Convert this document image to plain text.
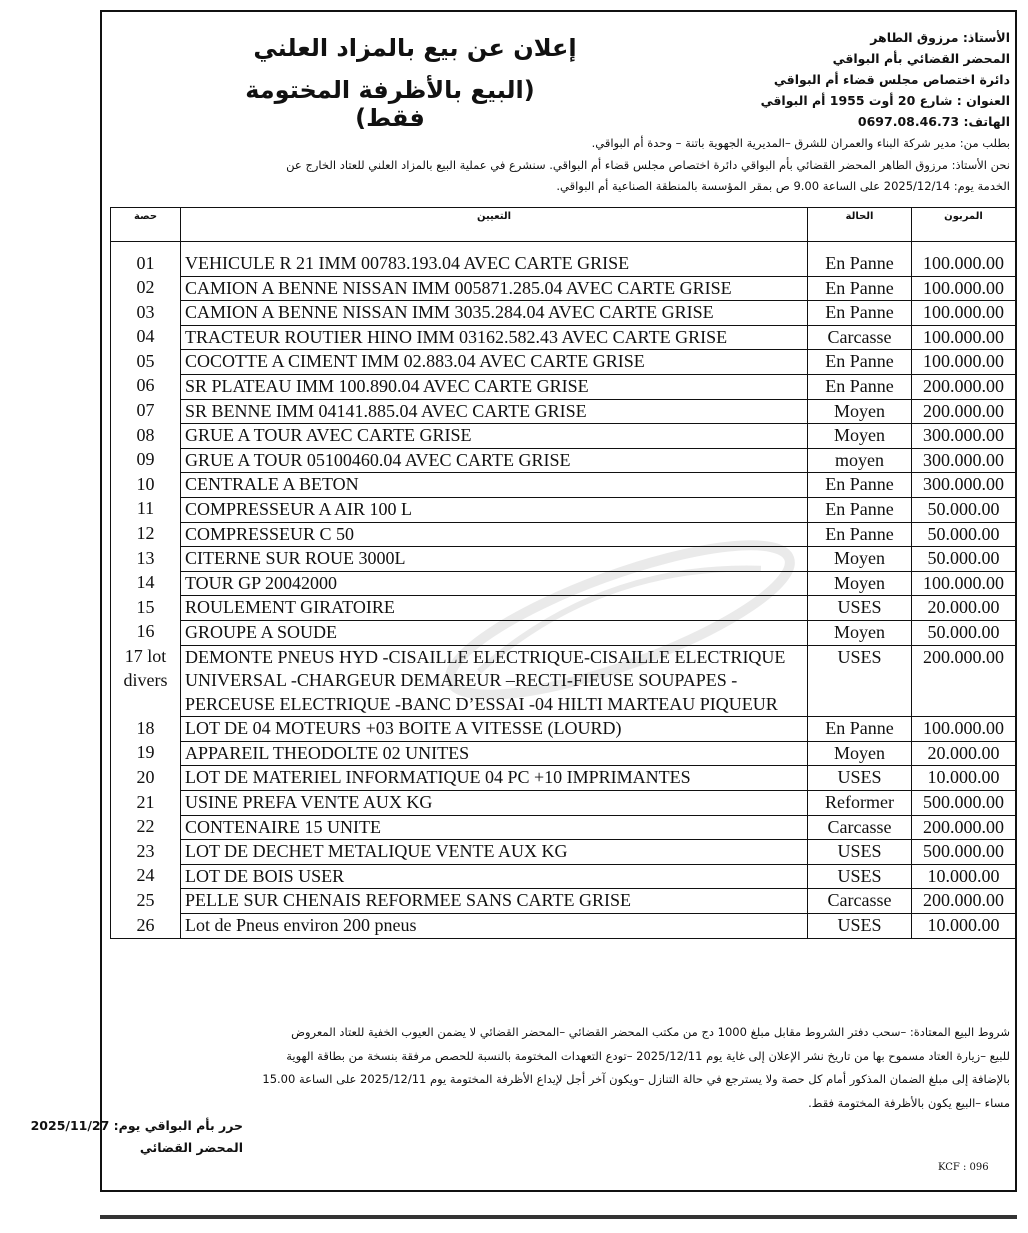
إعلان عن بيع بالمزاد العلني
(البيع بالأظرفة المختومة فقط)
الأستاذ: مرزوق الطاهر
المحضر القضائي بأم البواقي
دائرة اختصاص مجلس قضاء أم البواقي
العنوان : شارع 20 أوت 1955 أم البواقي
الهاتف: 0697.08.46.73
بطلب من: مدير شركة البناء والعمران للشرق –المديرية الجهوية باتنة – وحدة أم البواقي.
نحن الأستاذ: مرزوق الطاهر المحضر القضائي بأم البواقي دائرة اختصاص مجلس قضاء أم البواقي. سنشرع في عملية البيع بالمزاد العلني للعتاد الخارج عن
الخدمة يوم: 2025/12/14 على الساعة 9.00 ص بمقر المؤسسة بالمنطقة الصناعية أم البواقي.
حصة	التعيين	الحالة	المربون

01	VEHICULE R 21 IMM 00783.193.04 AVEC CARTE GRISE	En Panne	100.000.00
02	CAMION A BENNE NISSAN IMM 005871.285.04 AVEC CARTE GRISE	En Panne	100.000.00
03	CAMION A BENNE NISSAN IMM 3035.284.04 AVEC CARTE GRISE	En Panne	100.000.00
04	TRACTEUR ROUTIER HINO IMM 03162.582.43 AVEC CARTE GRISE	Carcasse	100.000.00
05	COCOTTE A CIMENT IMM 02.883.04 AVEC CARTE GRISE	En Panne	100.000.00
06	SR PLATEAU IMM 100.890.04 AVEC CARTE GRISE	En Panne	200.000.00
07	SR BENNE IMM 04141.885.04 AVEC CARTE GRISE	Moyen	200.000.00
08	GRUE A TOUR AVEC CARTE GRISE	Moyen	300.000.00
09	GRUE A TOUR 05100460.04 AVEC CARTE GRISE	moyen	300.000.00
10	CENTRALE A BETON	En Panne	300.000.00
11	COMPRESSEUR A AIR 100 L	En Panne	50.000.00
12	COMPRESSEUR C 50	En Panne	50.000.00
13	CITERNE SUR ROUE 3000L	Moyen	50.000.00
14	TOUR GP 20042000	Moyen	100.000.00
15	ROULEMENT GIRATOIRE	USES	20.000.00
16	GROUPE A SOUDE	Moyen	50.000.00
17 lot divers	DEMONTE PNEUS HYD -CISAILLE ELECTRIQUE-CISAILLE ELECTRIQUE UNIVERSAL -CHARGEUR DEMAREUR –RECTI-FIEUSE SOUPAPES -PERCEUSE ELECTRIQUE -BANC D’ESSAI -04 HILTI MARTEAU PIQUEUR	USES	200.000.00
18	LOT DE 04 MOTEURS +03 BOITE A VITESSE (LOURD)	En Panne	100.000.00
19	APPAREIL THEODOLTE 02 UNITES	Moyen	20.000.00
20	LOT DE MATERIEL INFORMATIQUE 04 PC +10 IMPRIMANTES	USES	10.000.00
21	USINE PREFA VENTE AUX KG	Reformer	500.000.00
22	CONTENAIRE 15 UNITE	Carcasse	200.000.00
23	LOT DE DECHET METALIQUE VENTE AUX KG	USES	500.000.00
24	LOT DE BOIS USER	USES	10.000.00
25	PELLE SUR CHENAIS REFORMEE SANS CARTE GRISE	Carcasse	200.000.00
26	Lot de Pneus environ 200 pneus	USES	10.000.00
شروط البيع المعتادة: –سحب دفتر الشروط مقابل مبلغ 1000 دج من مكتب المحضر القضائي –المحضر القضائي لا يضمن العيوب الخفية للعتاد المعروض
للبيع –زيارة العتاد مسموح بها من تاريخ نشر الإعلان إلى غاية يوم 2025/12/11 –تودع التعهدات المختومة بالنسبة للحصص مرفقة بنسخة من بطاقة الهوية
بالإضافة إلى مبلغ الضمان المذكور أمام كل حصة ولا يسترجع في حالة التنازل –ويكون آخر أجل لإيداع الأظرفة المختومة يوم 2025/12/11 على الساعة 15.00
مساء –البيع يكون بالأظرفة المختومة فقط.
حرر بأم البواقي يوم: 2025/11/27
المحضر القضائي
KCF : 096
